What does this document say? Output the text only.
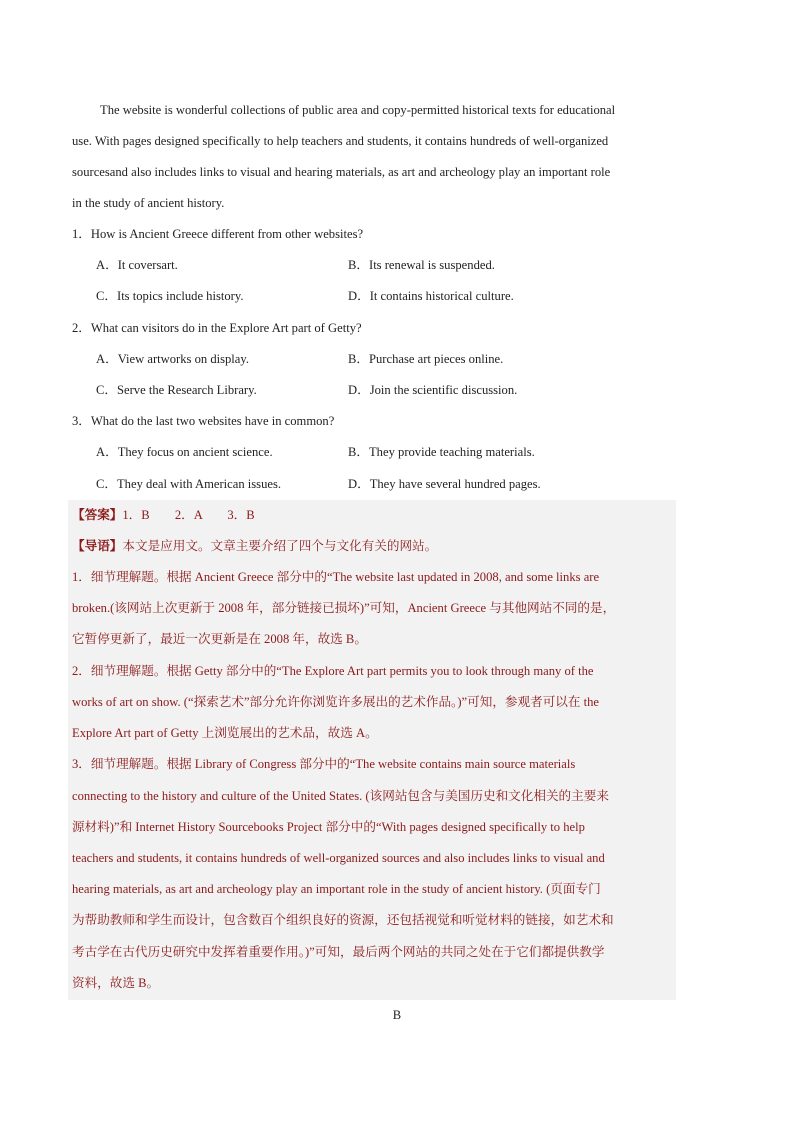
The website is wonderful collections of public area and copy-permitted historical texts for educational
use. With pages designed specifically to help teachers and students, it contains hundreds of well-organized
sourcesand also includes links to visual and hearing materials, as art and archeology play an important role
in the study of ancient history.
1．How is Ancient Greece different from other websites?
A．It coversart.	B．Its renewal is suspended.
C．Its topics include history.	D．It contains historical culture.
2．What can visitors do in the Explore Art part of Getty?
A．View artworks on display.	B．Purchase art pieces online.
C．Serve the Research Library.	D．Join the scientific discussion.
3．What do the last two websites have in common?
A．They focus on ancient science.	B．They provide teaching materials.
C．They deal with American issues.	D．They have several hundred pages.
【答案】1．B　　2．A　　3．B
【导语】本文是应用文。文章主要介绍了四个与文化有关的网站。
1．细节理解题。根据 Ancient Greece 部分中的“The website last updated in 2008, and some links are
broken.(该网站上次更新于 2008 年，部分链接已损坏)”可知，Ancient Greece 与其他网站不同的是，
它暂停更新了，最近一次更新是在 2008 年，故选 B。
2．细节理解题。根据 Getty 部分中的“The Explore Art part permits you to look through many of the
works of art on show. (“探索艺术”部分允许你浏览许多展出的艺术作品。)”可知，参观者可以在 the
Explore Art part of Getty 上浏览展出的艺术品，故选 A。
3．细节理解题。根据 Library of Congress 部分中的“The website contains main source materials
connecting to the history and culture of the United States. (该网站包含与美国历史和文化相关的主要来
源材料)”和 Internet History Sourcebooks Project 部分中的“With pages designed specifically to help
teachers and students, it contains hundreds of well-organized sources and also includes links to visual and
hearing materials, as art and archeology play an important role in the study of ancient history. (页面专门
为帮助教师和学生而设计，包含数百个组织良好的资源，还包括视觉和听觉材料的链接，如艺术和
考古学在古代历史研究中发挥着重要作用。)”可知，最后两个网站的共同之处在于它们都提供教学
资料，故选 B。
B
